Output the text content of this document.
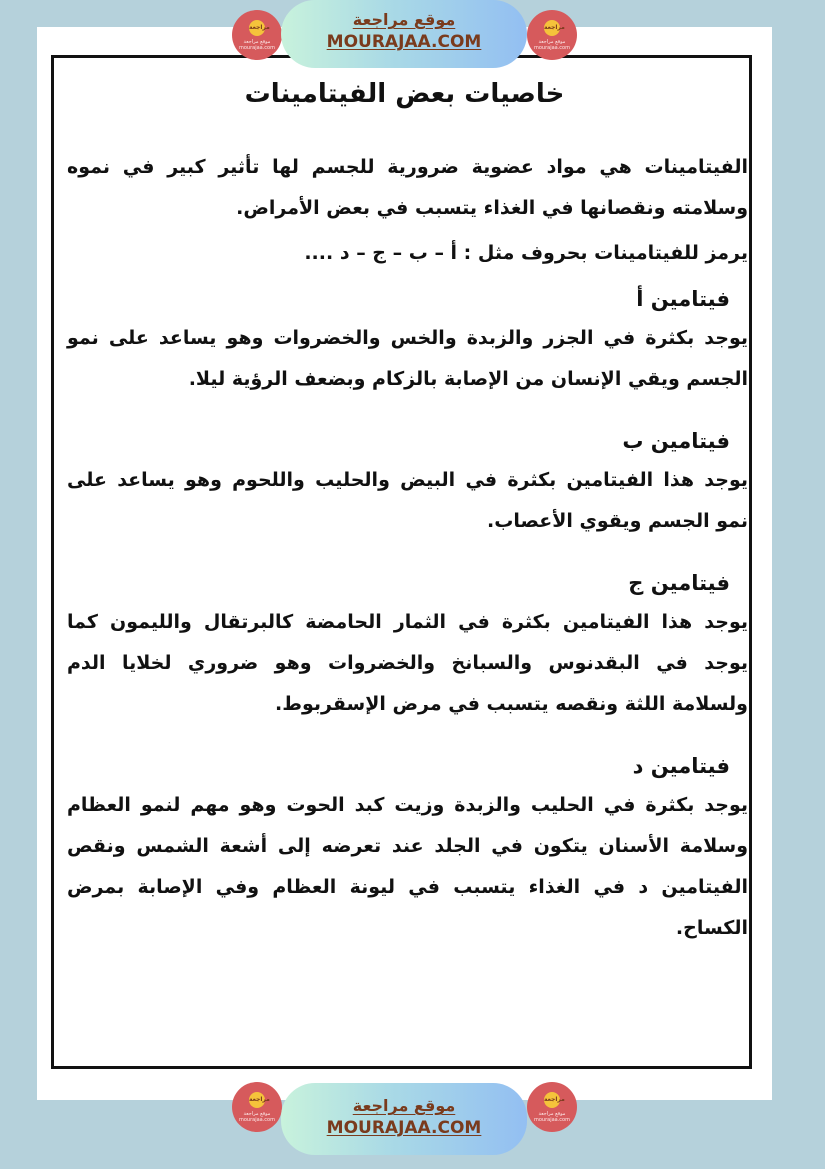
خاصيات بعض الفيتامينات

الفيتامينات هي مواد عضوية ضرورية للجسم لها تأثير كبير في نموه وسلامته ونقصانها في الغذاء يتسبب في بعض الأمراض.

يرمز للفيتامينات بحروف مثل : أ – ب – ج – د ....

فيتامين أ

يوجد بكثرة في الجزر والزبدة والخس والخضروات وهو يساعد على نمو الجسم ويقي الإنسان من الإصابة بالزكام وبضعف الرؤية ليلا.

فيتامين ب

يوجد هذا الفيتامين بكثرة في البيض والحليب واللحوم وهو يساعد على نمو الجسم ويقوي الأعصاب.

فيتامين ج

يوجد هذا الفيتامين بكثرة في الثمار الحامضة كالبرتقال والليمون كما يوجد في البقدنوس والسبانخ والخضروات وهو ضروري لخلايا الدم ولسلامة اللثة ونقصه يتسبب في مرض الإسقربوط.

فيتامين د

يوجد بكثرة في الحليب والزبدة وزيت كبد الحوت وهو مهم لنمو العظام وسلامة الأسنان يتكون في الجلد عند تعرضه إلى أشعة الشمس ونقص الفيتامين د في الغذاء يتسبب في ليونة العظام وفي الإصابة بمرض الكساح.

مراجعة
موقع مراجعة
mourajaa.com
موقع مراجعة
MOURAJAA.COM
مراجعة
موقع مراجعة
mourajaa.com
مراجعة
موقع مراجعة
mourajaa.com
موقع مراجعة
MOURAJAA.COM
مراجعة
موقع مراجعة
mourajaa.com
